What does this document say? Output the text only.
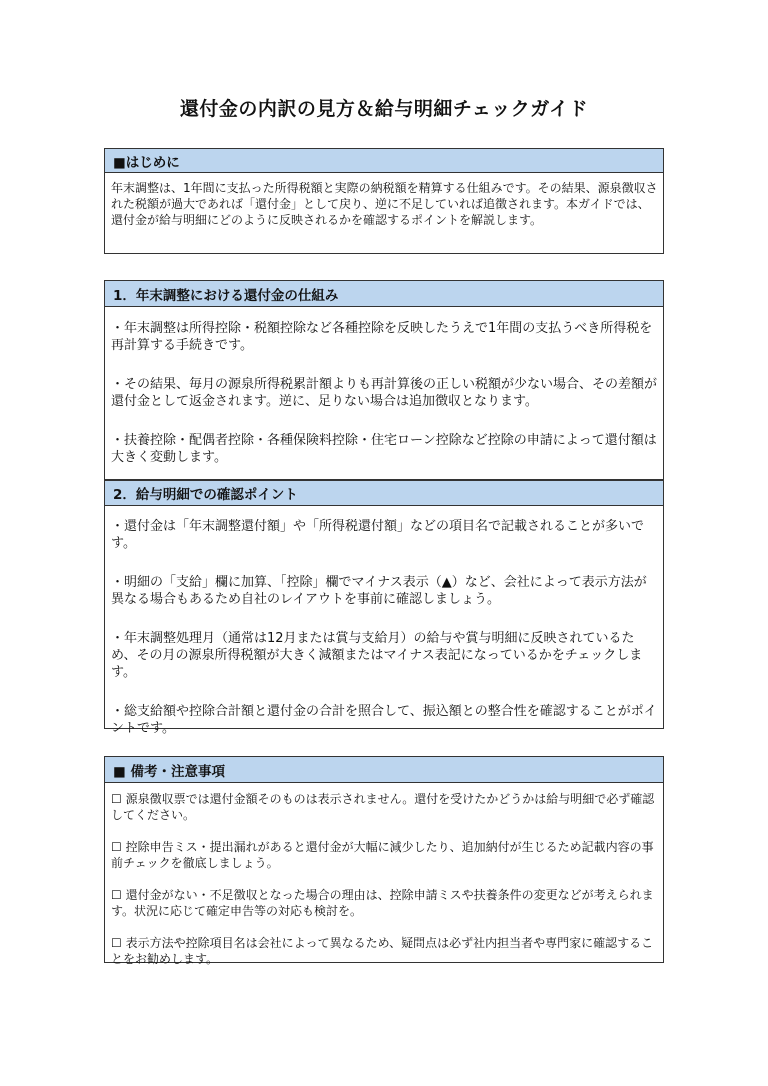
還付金の内訳の見方＆給与明細チェックガイド
■はじめに

年末調整は、1年間に支払った所得税額と実際の納税額を精算する仕組みです。その結果、源泉徴収された税額が過大であれば「還付金」として戻り、逆に不足していれば追徴されます。本ガイドでは、還付金が給与明細にどのように反映されるかを確認するポイントを解説します。

1．年末調整における還付金の仕組み

・年末調整は所得控除・税額控除など各種控除を反映したうえで1年間の支払うべき所得税を再計算する手続きです。

・その結果、毎月の源泉所得税累計額よりも再計算後の正しい税額が少ない場合、その差額が還付金として返金されます。逆に、足りない場合は追加徴収となります。

・扶養控除・配偶者控除・各種保険料控除・住宅ローン控除など控除の申請によって還付額は大きく変動します。

2．給与明細での確認ポイント

・還付金は「年末調整還付額」や「所得税還付額」などの項目名で記載されることが多いです。

・明細の「支給」欄に加算、「控除」欄でマイナス表示（▲）など、会社によって表示方法が異なる場合もあるため自社のレイアウトを事前に確認しましょう。

・年末調整処理月（通常は12月または賞与支給月）の給与や賞与明細に反映されているため、その月の源泉所得税額が大きく減額またはマイナス表記になっているかをチェックします。

・総支給額や控除合計額と還付金の合計を照合して、振込額との整合性を確認することがポイントです。

■ 備考・注意事項

☐ 源泉徴収票では還付金額そのものは表示されません。還付を受けたかどうかは給与明細で必ず確認してください。

☐ 控除申告ミス・提出漏れがあると還付金が大幅に減少したり、追加納付が生じるため記載内容の事前チェックを徹底しましょう。

☐ 還付金がない・不足徴収となった場合の理由は、控除申請ミスや扶養条件の変更などが考えられます。状況に応じて確定申告等の対応も検討を。

☐ 表示方法や控除項目名は会社によって異なるため、疑問点は必ず社内担当者や専門家に確認することをお勧めします。
